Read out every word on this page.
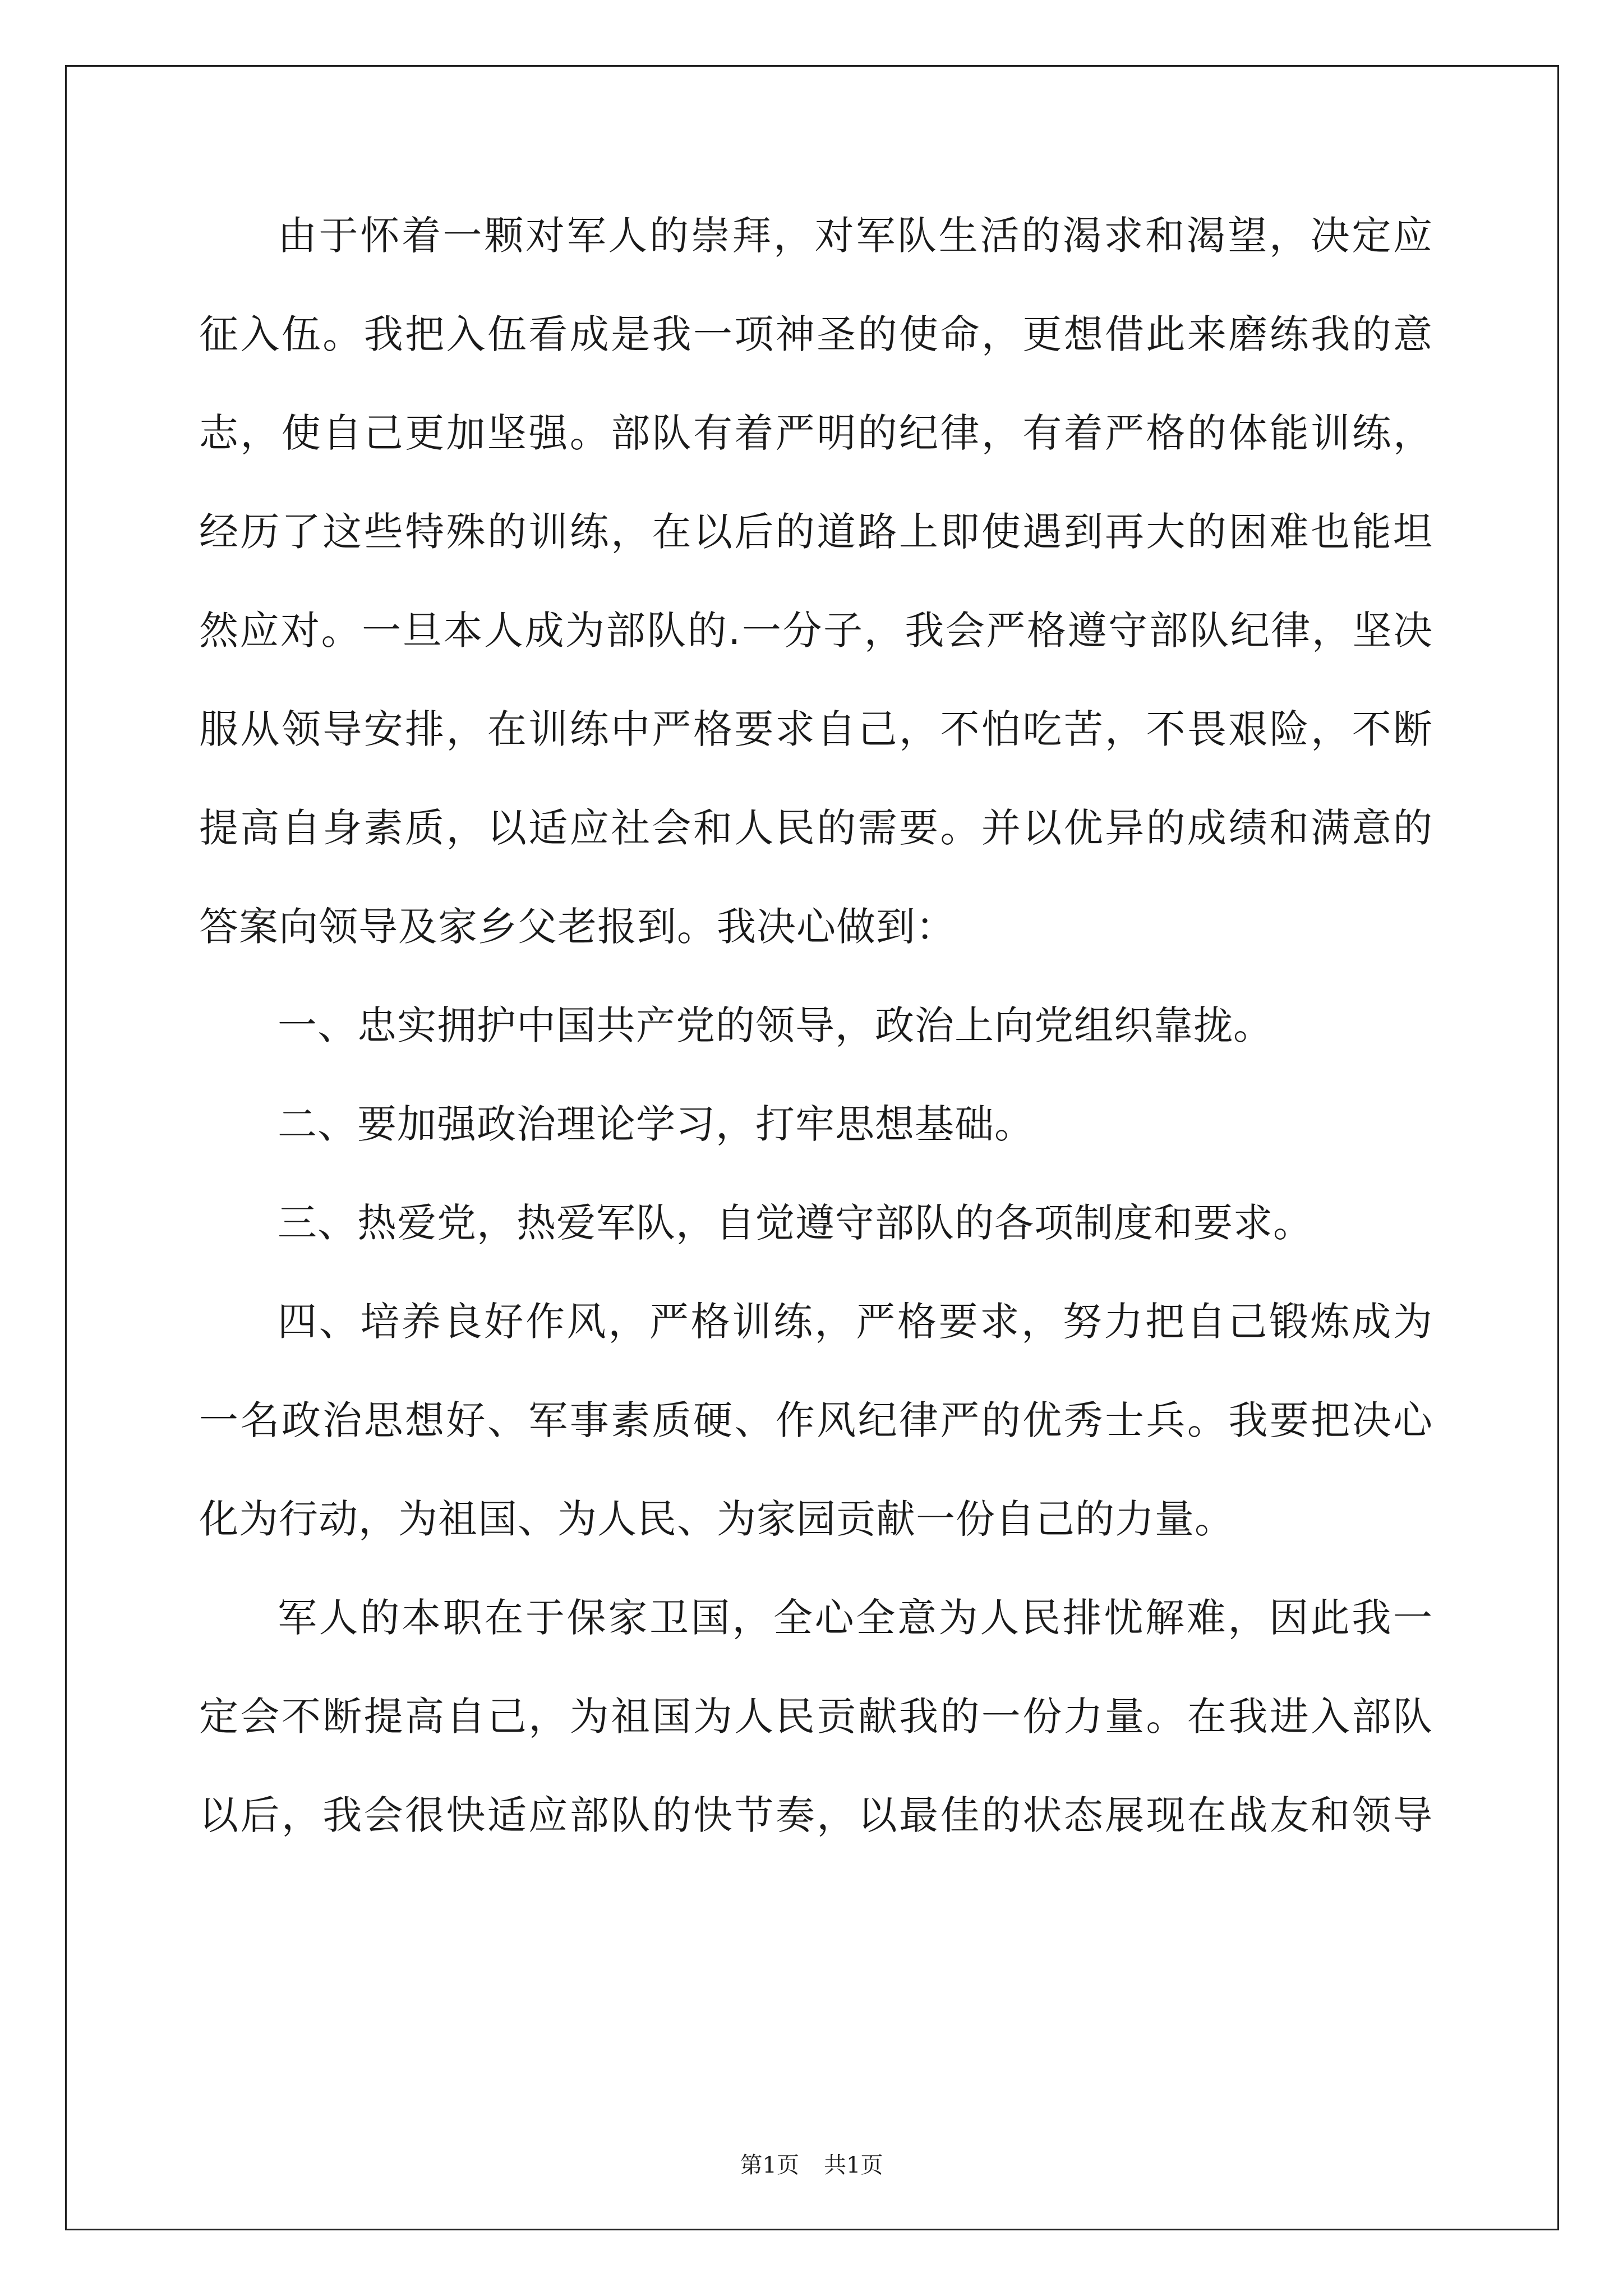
由于怀着一颗对军人的崇拜，对军队生活的渴求和渴望，决定应
征入伍。我把入伍看成是我一项神圣的使命，更想借此来磨练我的意
志，使自己更加坚强。部队有着严明的纪律，有着严格的体能训练，
经历了这些特殊的训练，在以后的道路上即使遇到再大的困难也能坦
然应对。一旦本人成为部队的.一分子，我会严格遵守部队纪律，坚决
服从领导安排，在训练中严格要求自己，不怕吃苦，不畏艰险，不断
提高自身素质，以适应社会和人民的需要。并以优异的成绩和满意的
答案向领导及家乡父老报到。我决心做到：
一、忠实拥护中国共产党的领导，政治上向党组织靠拢。
二、要加强政治理论学习，打牢思想基础。
三、热爱党，热爱军队，自觉遵守部队的各项制度和要求。
四、培养良好作风，严格训练，严格要求，努力把自己锻炼成为
一名政治思想好、军事素质硬、作风纪律严的优秀士兵。我要把决心
化为行动，为祖国、为人民、为家园贡献一份自己的力量。
军人的本职在于保家卫国，全心全意为人民排忧解难，因此我一
定会不断提高自己，为祖国为人民贡献我的一份力量。在我进入部队
以后，我会很快适应部队的快节奏，以最佳的状态展现在战友和领导
第1页 共1页
